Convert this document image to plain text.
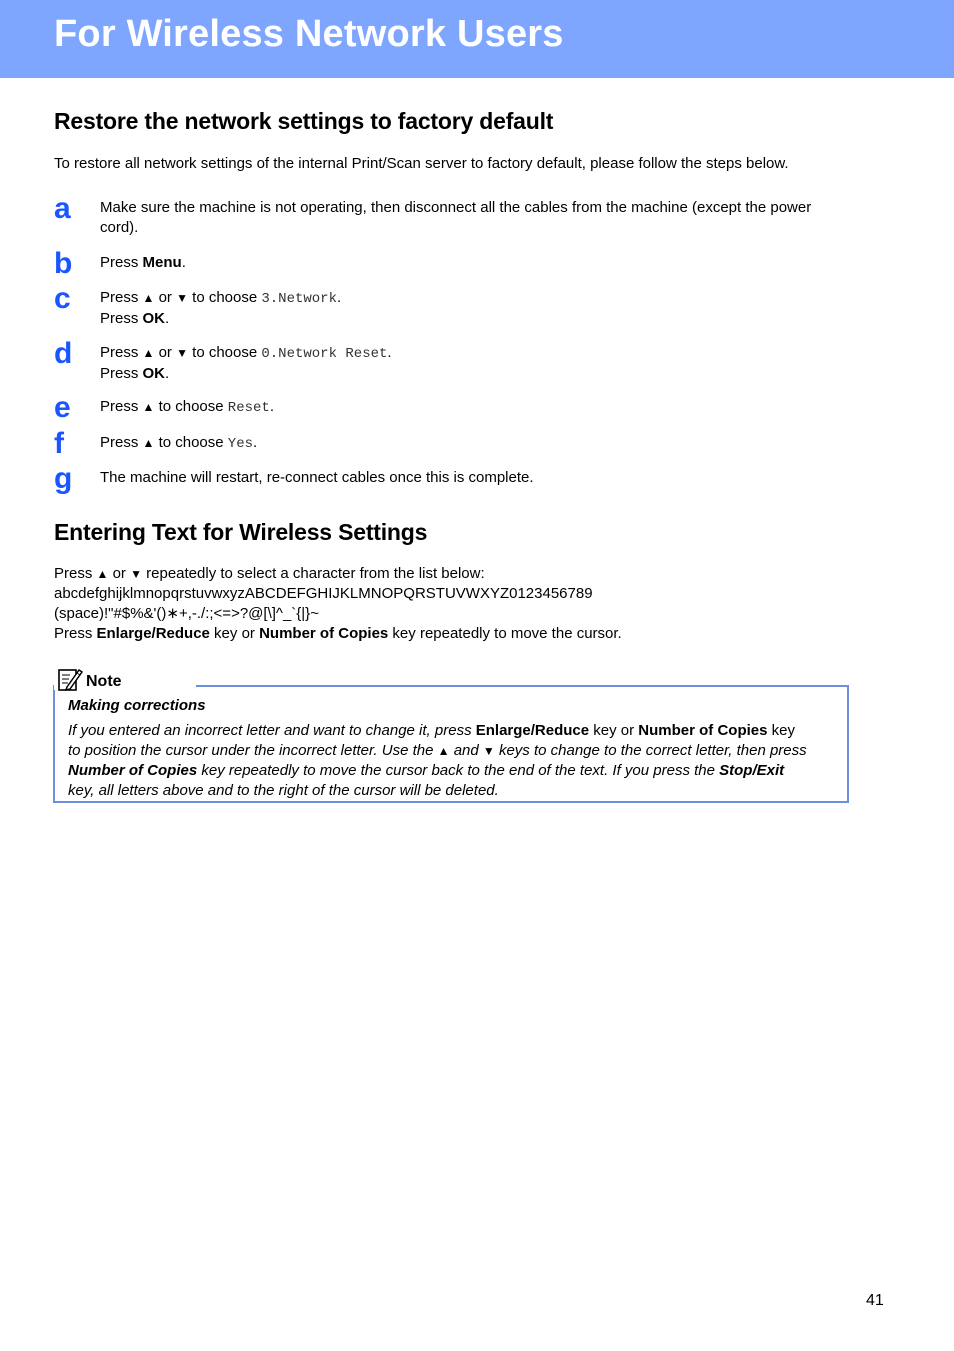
For Wireless Network Users
Restore the network settings to factory default

To restore all network settings of the internal Print/Scan server to factory default, please follow the steps below.

a Make sure the machine is not operating, then disconnect all the cables from the machine (except the power
cord).
b Press Menu.
c Press ▲ or ▼ to choose 3.Network.
Press OK.
d Press ▲ or ▼ to choose 0.Network Reset.
Press OK.
e Press ▲ to choose Reset.
f Press ▲ to choose Yes.
g The machine will restart, re-connect cables once this is complete.
Entering Text for Wireless Settings
Press ▲ or ▼ repeatedly to select a character from the list below:
abcdefghijklmnopqrstuvwxyzABCDEFGHIJKLMNOPQRSTUVWXYZ0123456789
(space)!"#$%&'()∗+,-./:;<=>?@[\]^_`{|}~
Press Enlarge/Reduce key or Number of Copies key repeatedly to move the cursor.
Note
Making corrections
If you entered an incorrect letter and want to change it, press Enlarge/Reduce key or Number of Copies key
to position the cursor under the incorrect letter. Use the ▲ and ▼ keys to change to the correct letter, then press
Number of Copies key repeatedly to move the cursor back to the end of the text. If you press the Stop/Exit
key, all letters above and to the right of the cursor will be deleted.
41
